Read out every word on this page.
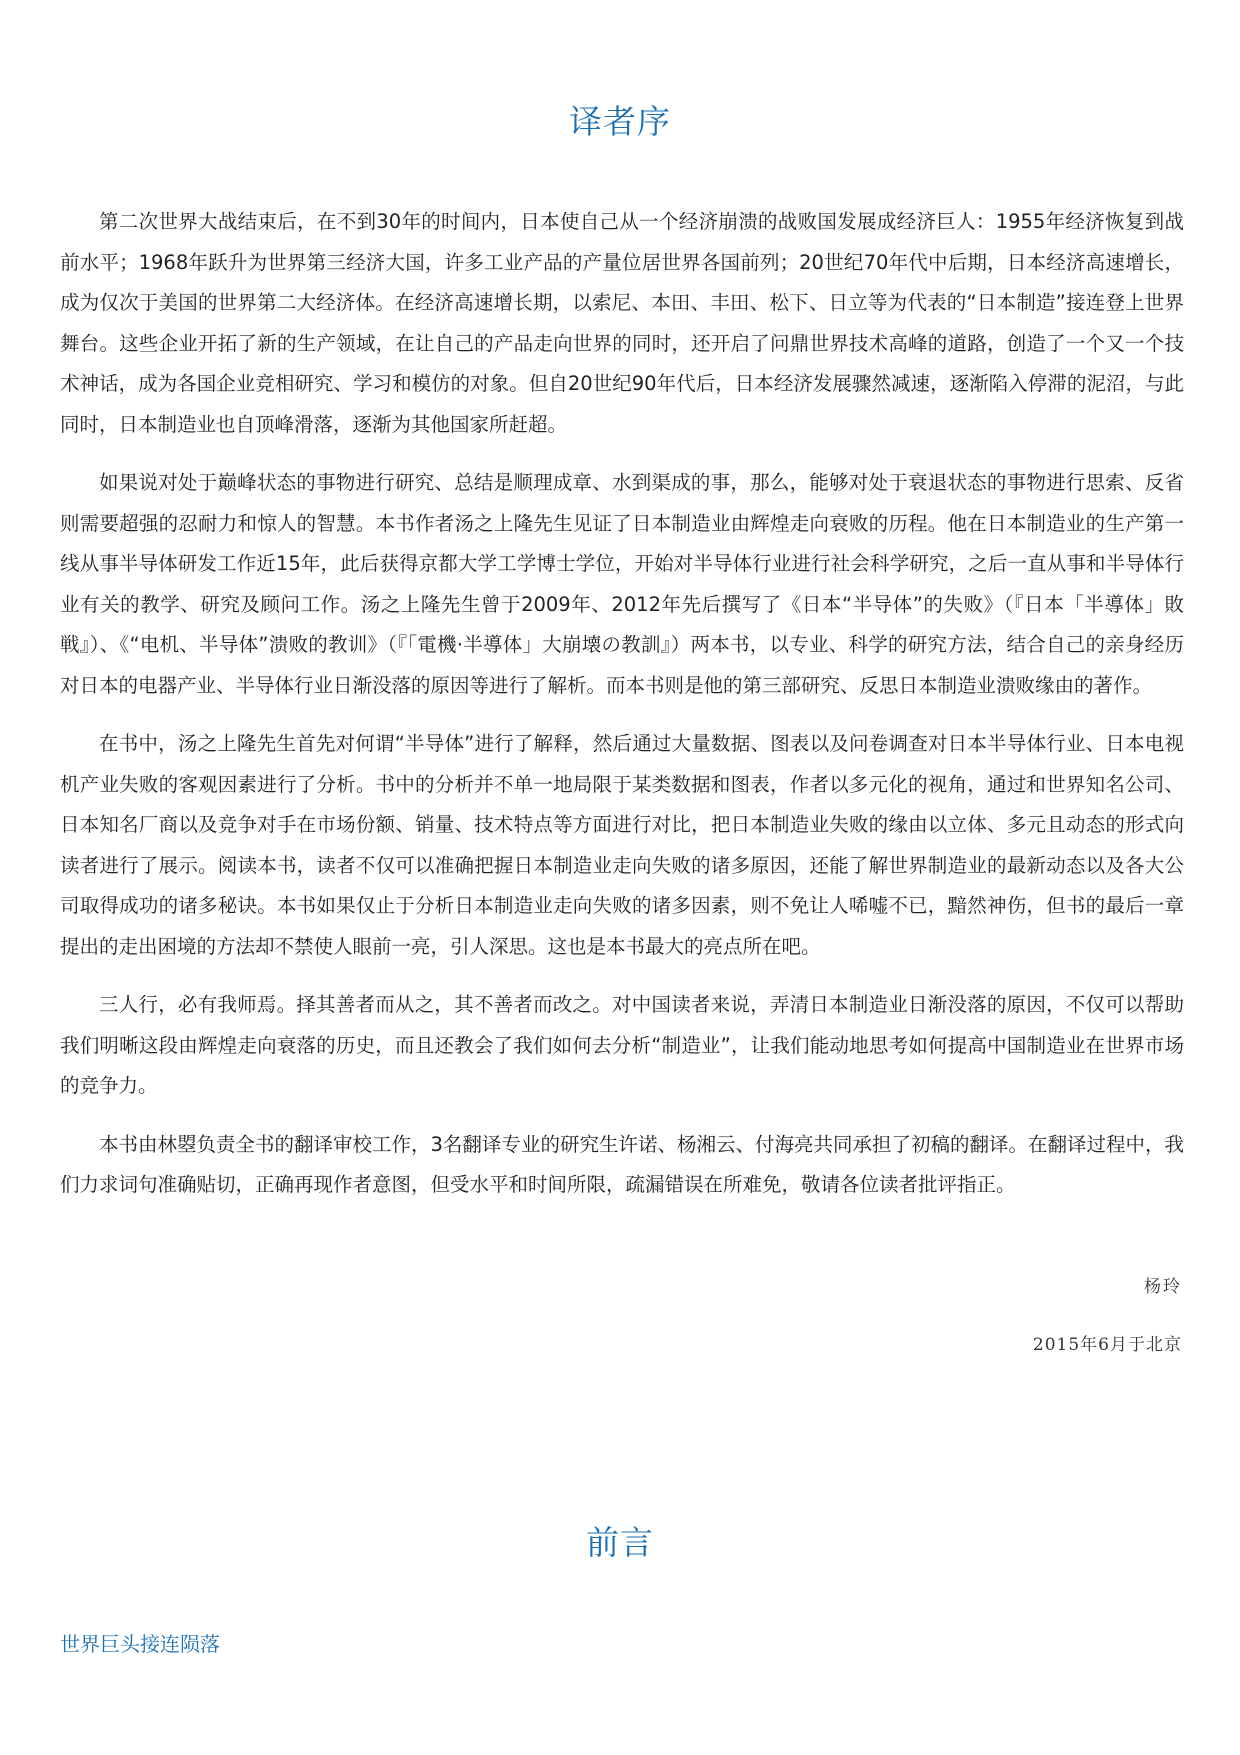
译者序

第二次世界大战结束后，在不到30年的时间内，日本使自己从一个经济崩溃的战败国发展成经济巨人：1955年经济恢复到战前水平；1968年跃升为世界第三经济大国，许多工业产品的产量位居世界各国前列；20世纪70年代中后期，日本经济高速增长，成为仅次于美国的世界第二大经济体。在经济高速增长期，以索尼、本田、丰田、松下、日立等为代表的“日本制造”接连登上世界舞台。这些企业开拓了新的生产领域，在让自己的产品走向世界的同时，还开启了问鼎世界技术高峰的道路，创造了一个又一个技术神话，成为各国企业竞相研究、学习和模仿的对象。但自20世纪90年代后，日本经济发展骤然减速，逐渐陷入停滞的泥沼，与此同时，日本制造业也自顶峰滑落，逐渐为其他国家所赶超。

如果说对处于巅峰状态的事物进行研究、总结是顺理成章、水到渠成的事，那么，能够对处于衰退状态的事物进行思索、反省则需要超强的忍耐力和惊人的智慧。本书作者汤之上隆先生见证了日本制造业由辉煌走向衰败的历程。他在日本制造业的生产第一线从事半导体研发工作近15年，此后获得京都大学工学博士学位，开始对半导体行业进行社会科学研究，之后一直从事和半导体行业有关的教学、研究及顾问工作。汤之上隆先生曾于2009年、2012年先后撰写了《日本“半导体”的失败》（『日本「半導体」敗戦』）、《“电机、半导体”溃败的教训》（『「電機·半導体」大崩壊の教訓』）两本书，以专业、科学的研究方法，结合自己的亲身经历对日本的电器产业、半导体行业日渐没落的原因等进行了解析。而本书则是他的第三部研究、反思日本制造业溃败缘由的著作。

在书中，汤之上隆先生首先对何谓“半导体”进行了解释，然后通过大量数据、图表以及问卷调查对日本半导体行业、日本电视机产业失败的客观因素进行了分析。书中的分析并不单一地局限于某类数据和图表，作者以多元化的视角，通过和世界知名公司、日本知名厂商以及竞争对手在市场份额、销量、技术特点等方面进行对比，把日本制造业失败的缘由以立体、多元且动态的形式向读者进行了展示。阅读本书，读者不仅可以准确把握日本制造业走向失败的诸多原因，还能了解世界制造业的最新动态以及各大公司取得成功的诸多秘诀。本书如果仅止于分析日本制造业走向失败的诸多因素，则不免让人唏嘘不已，黯然神伤，但书的最后一章提出的走出困境的方法却不禁使人眼前一亮，引人深思。这也是本书最大的亮点所在吧。

三人行，必有我师焉。择其善者而从之，其不善者而改之。对中国读者来说，弄清日本制造业日渐没落的原因，不仅可以帮助我们明晰这段由辉煌走向衰落的历史，而且还教会了我们如何去分析“制造业”，让我们能动地思考如何提高中国制造业在世界市场的竞争力。

本书由林曌负责全书的翻译审校工作，3名翻译专业的研究生许诺、杨湘云、付海亮共同承担了初稿的翻译。在翻译过程中，我们力求词句准确贴切，正确再现作者意图，但受水平和时间所限，疏漏错误在所难免，敬请各位读者批评指正。

杨玲
2015年6月于北京
前言
世界巨头接连陨落
